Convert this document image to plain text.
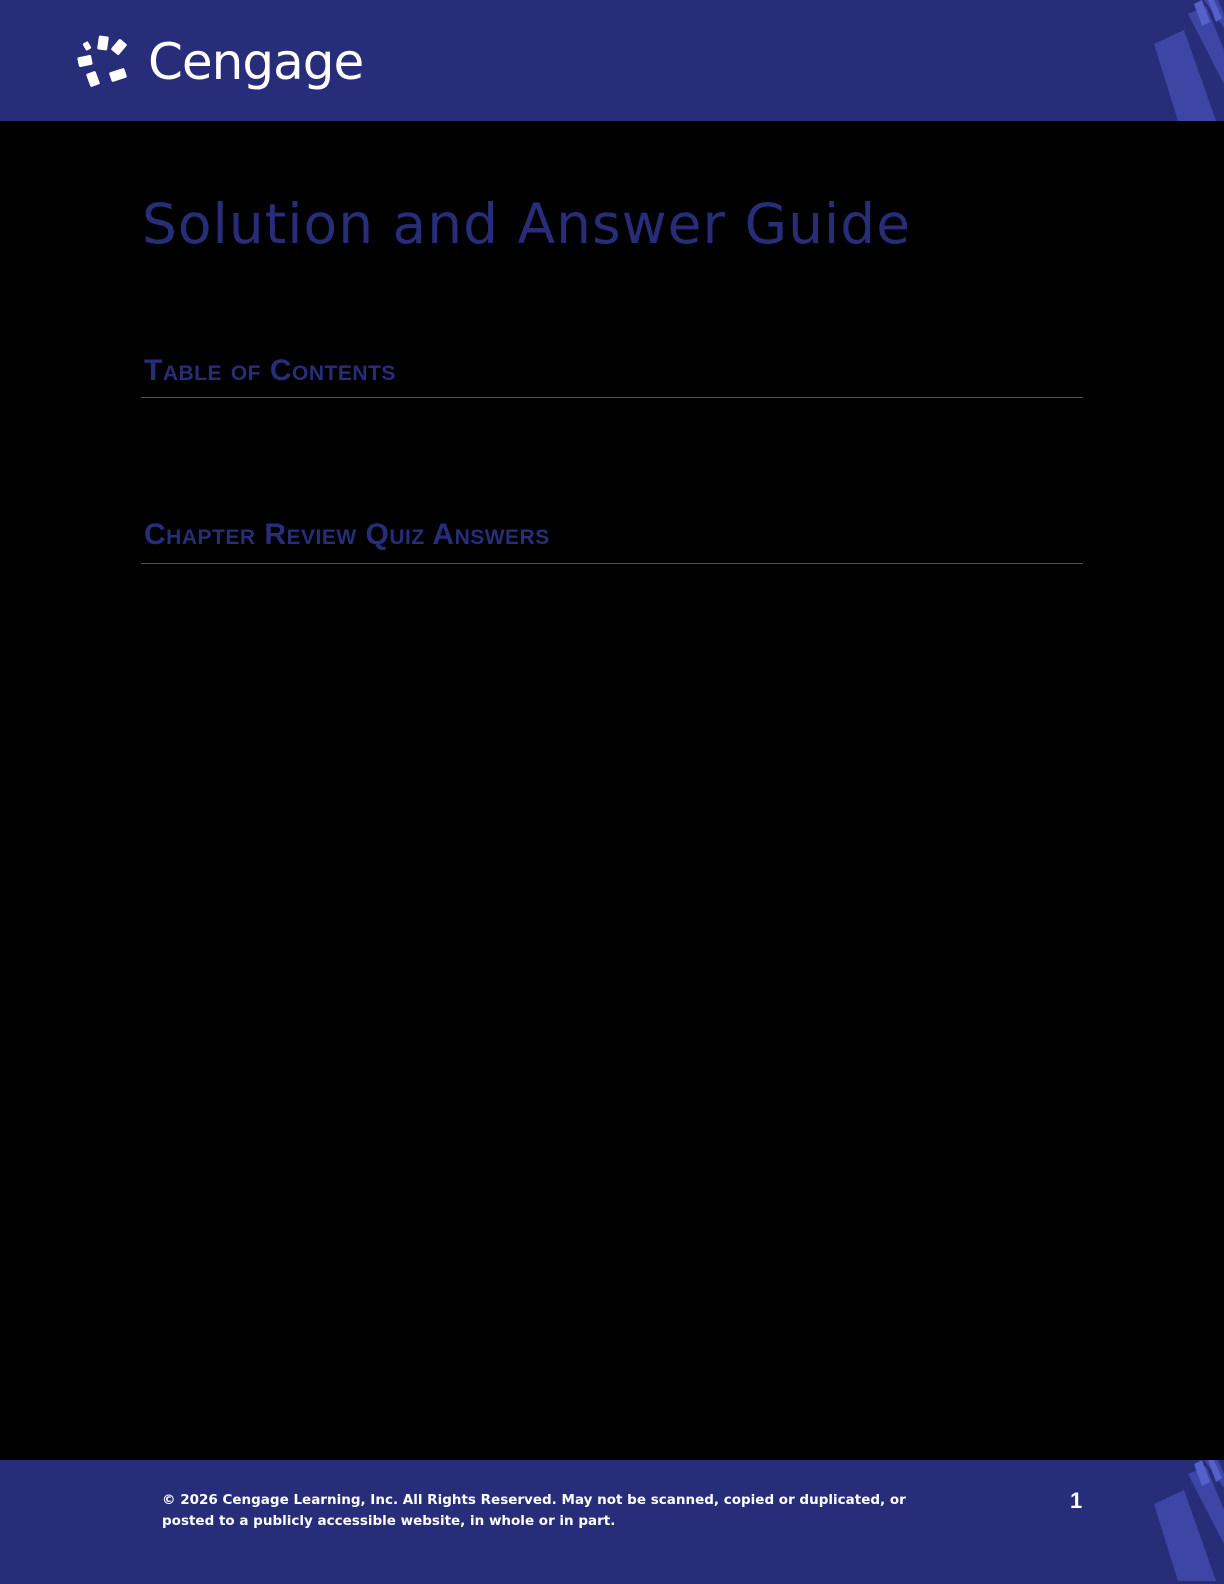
Cengage
Solution and Answer Guide
Table of Contents
Chapter Review Quiz Answers
© 2026 Cengage Learning, Inc. All Rights Reserved. May not be scanned, copied or duplicated, or posted to a publicly accessible website, in whole or in part.
1
